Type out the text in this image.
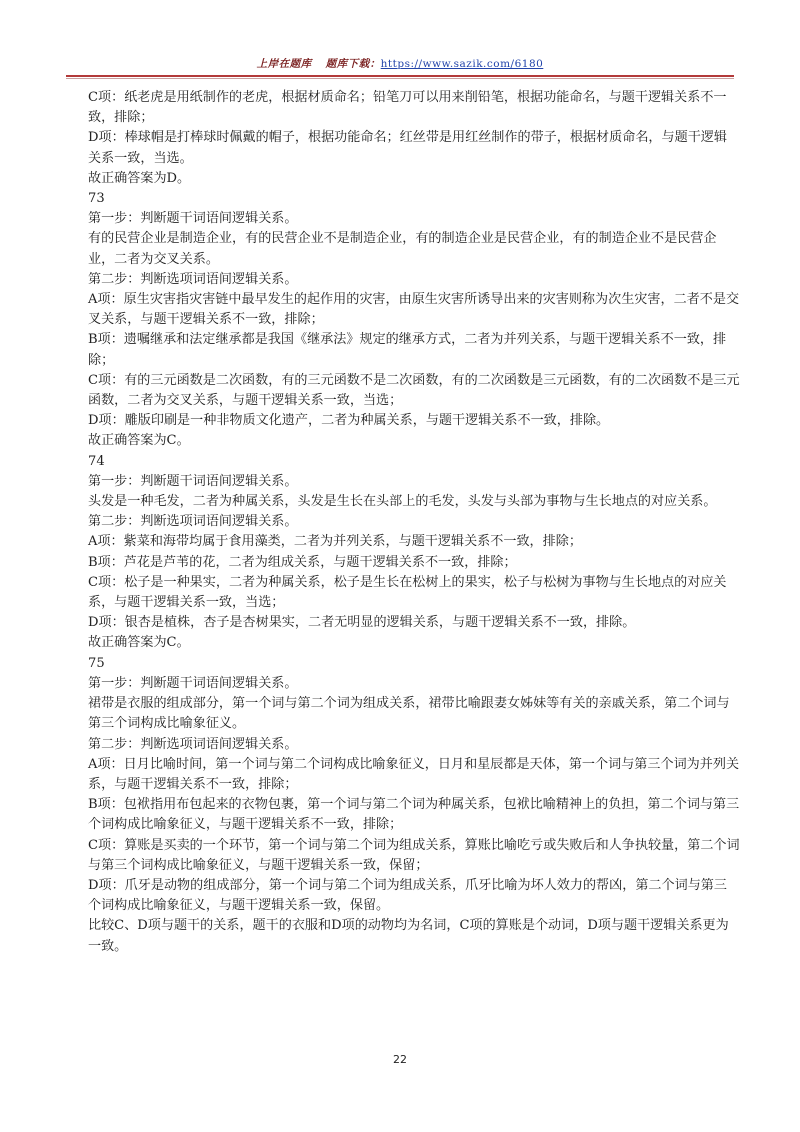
上岸在题库 题库下载：https://www.sazik.com/6180

C项：纸老虎是用纸制作的老虎，根据材质命名；铅笔刀可以用来削铅笔，根据功能命名，与题干逻辑关系不一致，排除；

D项：棒球帽是打棒球时佩戴的帽子，根据功能命名；红丝带是用红丝制作的带子，根据材质命名，与题干逻辑关系一致，当选。

故正确答案为D。

73

第一步：判断题干词语间逻辑关系。

有的民营企业是制造企业，有的民营企业不是制造企业，有的制造企业是民营企业，有的制造企业不是民营企业，二者为交叉关系。

第二步：判断选项词语间逻辑关系。

A项：原生灾害指灾害链中最早发生的起作用的灾害，由原生灾害所诱导出来的灾害则称为次生灾害，二者不是交叉关系，与题干逻辑关系不一致，排除；

B项：遗嘱继承和法定继承都是我国《继承法》规定的继承方式，二者为并列关系，与题干逻辑关系不一致，排除；

C项：有的三元函数是二次函数，有的三元函数不是二次函数，有的二次函数是三元函数，有的二次函数不是三元函数，二者为交叉关系，与题干逻辑关系一致，当选；

D项：雕版印刷是一种非物质文化遗产，二者为种属关系，与题干逻辑关系不一致，排除。

故正确答案为C。

74

第一步：判断题干词语间逻辑关系。

头发是一种毛发，二者为种属关系，头发是生长在头部上的毛发，头发与头部为事物与生长地点的对应关系。

第二步：判断选项词语间逻辑关系。

A项：紫菜和海带均属于食用藻类，二者为并列关系，与题干逻辑关系不一致，排除；

B项：芦花是芦苇的花，二者为组成关系，与题干逻辑关系不一致，排除；

C项：松子是一种果实，二者为种属关系，松子是生长在松树上的果实，松子与松树为事物与生长地点的对应关系，与题干逻辑关系一致，当选；

D项：银杏是植株，杏子是杏树果实，二者无明显的逻辑关系，与题干逻辑关系不一致，排除。

故正确答案为C。

75

第一步：判断题干词语间逻辑关系。

裙带是衣服的组成部分，第一个词与第二个词为组成关系，裙带比喻跟妻女姊妹等有关的亲戚关系，第二个词与第三个词构成比喻象征义。

第二步：判断选项词语间逻辑关系。

A项：日月比喻时间，第一个词与第二个词构成比喻象征义，日月和星辰都是天体，第一个词与第三个词为并列关系，与题干逻辑关系不一致，排除；

B项：包袱指用布包起来的衣物包裹，第一个词与第二个词为种属关系，包袱比喻精神上的负担，第二个词与第三个词构成比喻象征义，与题干逻辑关系不一致，排除；

C项：算账是买卖的一个环节，第一个词与第二个词为组成关系，算账比喻吃亏或失败后和人争执较量，第二个词与第三个词构成比喻象征义，与题干逻辑关系一致，保留；

D项：爪牙是动物的组成部分，第一个词与第二个词为组成关系，爪牙比喻为坏人效力的帮凶，第二个词与第三个词构成比喻象征义，与题干逻辑关系一致，保留。

比较C、D项与题干的关系，题干的衣服和D项的动物均为名词，C项的算账是个动词，D项与题干逻辑关系更为一致。

22
